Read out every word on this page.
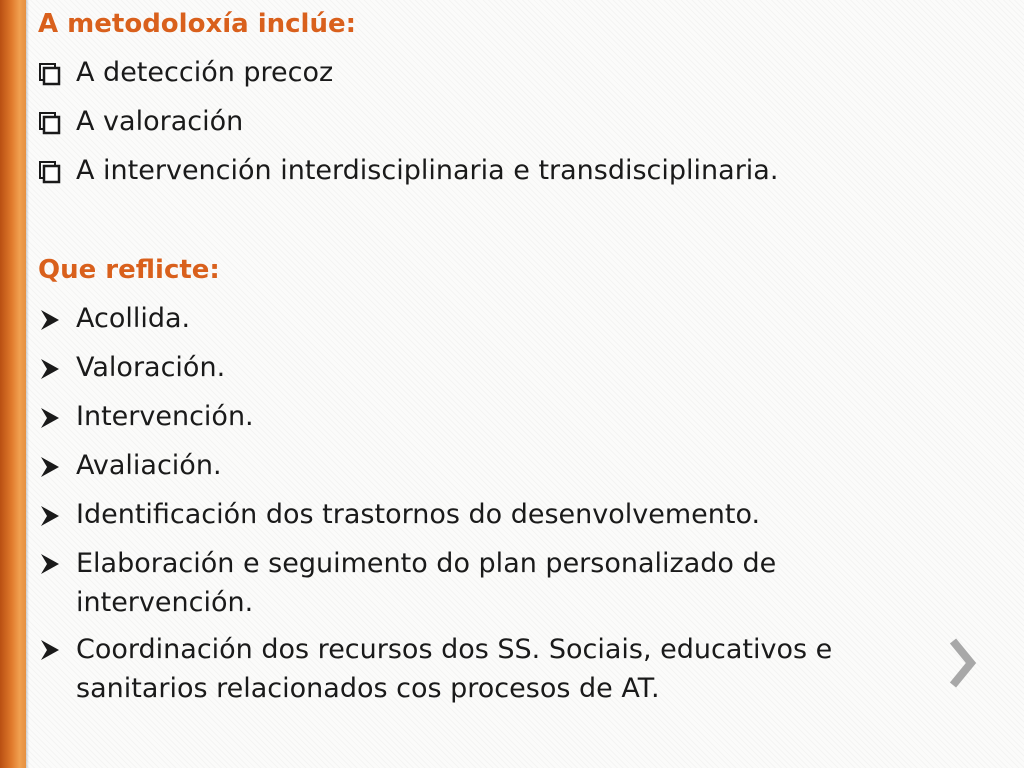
A metodoloxía inclúe:
A detección precoz
A valoración
A intervención interdisciplinaria e transdisciplinaria.
Que reflicte:
Acollida.
Valoración.
Intervención.
Avaliación.
Identificación dos trastornos do desenvolvemento.
Elaboración e seguimento do plan personalizado de intervención.
Coordinación dos recursos dos SS. Sociais, educativos e sanitarios relacionados cos procesos de AT.
